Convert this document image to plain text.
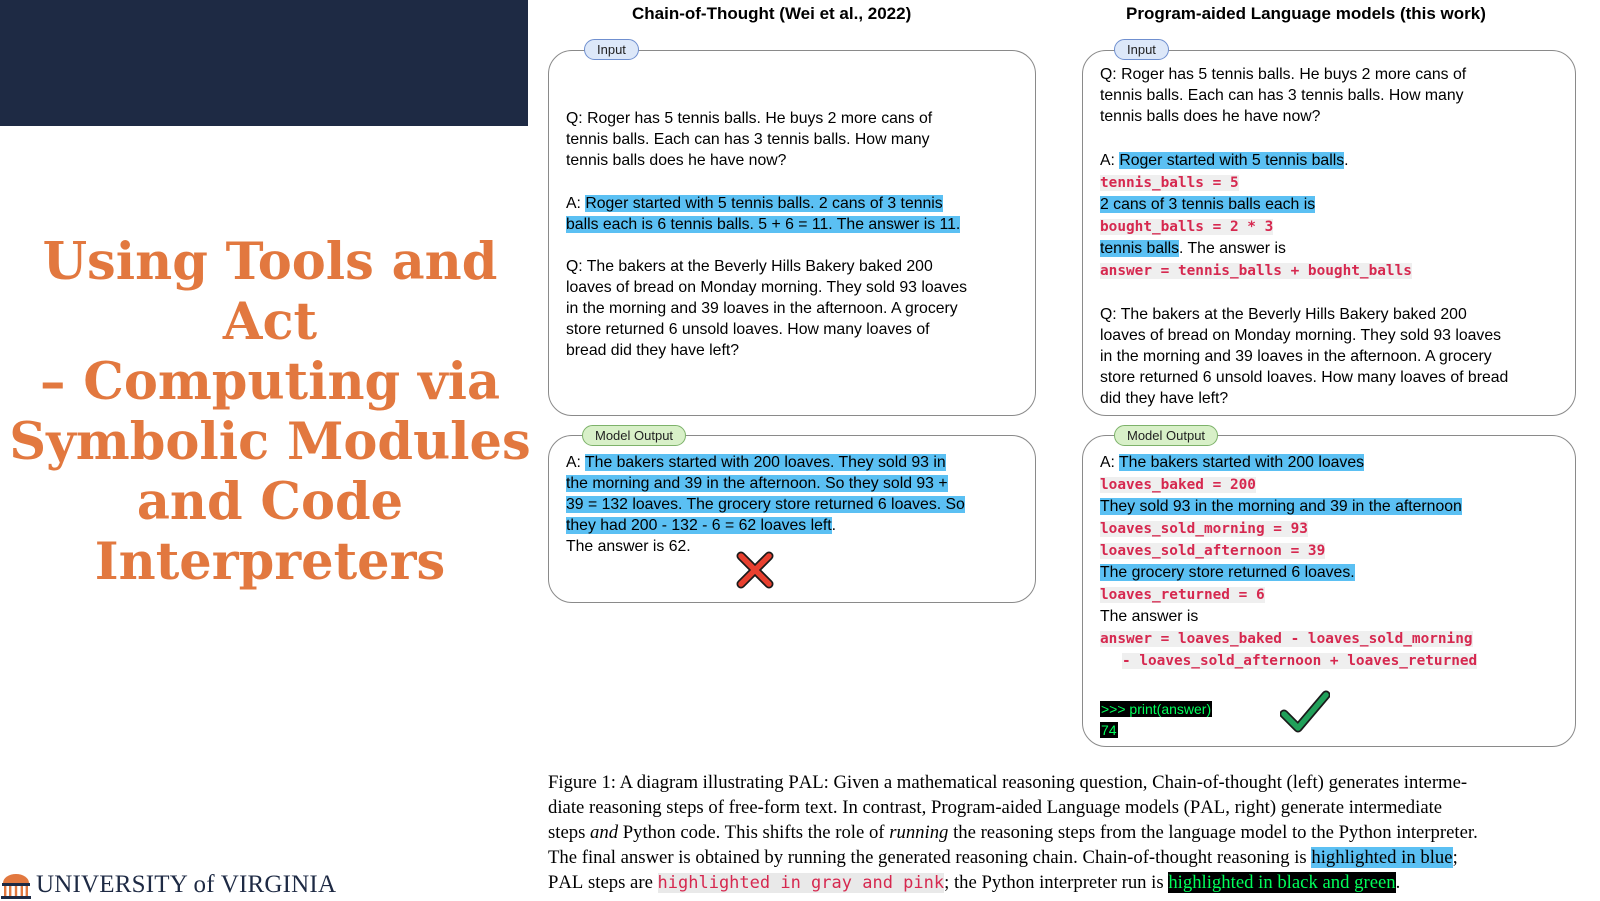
Using Tools and Act
– Computing via
Symbolic Modules
and Code
Interpreters
UNIVERSITY of VIRGINIA
Chain-of-Thought (Wei et al., 2022)	Program-aided Language models (this work)
Input
Q: Roger has 5 tennis balls. He buys 2 more cans of
tennis balls. Each can has 3 tennis balls. How many
tennis balls does he have now?
A: Roger started with 5 tennis balls. 2 cans of 3 tennis
balls each is 6 tennis balls. 5 + 6 = 11. The answer is 11.
Q: The bakers at the Beverly Hills Bakery baked 200
loaves of bread on Monday morning. They sold 93 loaves
in the morning and 39 loaves in the afternoon. A grocery
store returned 6 unsold loaves. How many loaves of
bread did they have left?
Model Output
A: The bakers started with 200 loaves. They sold 93 in
the morning and 39 in the afternoon. So they sold 93 +
39 = 132 loaves. The grocery store returned 6 loaves. So
they had 200 - 132 - 6 = 62 loaves left.
The answer is 62.
Input
Q: Roger has 5 tennis balls. He buys 2 more cans of
tennis balls. Each can has 3 tennis balls. How many
tennis balls does he have now?
A: Roger started with 5 tennis balls.
tennis_balls = 5
2 cans of 3 tennis balls each is
bought_balls = 2 * 3
tennis balls. The answer is
answer = tennis_balls + bought_balls
Q: The bakers at the Beverly Hills Bakery baked 200
loaves of bread on Monday morning. They sold 93 loaves
in the morning and 39 loaves in the afternoon. A grocery
store returned 6 unsold loaves. How many loaves of bread
did they have left?
Model Output
A: The bakers started with 200 loaves
loaves_baked = 200
They sold 93 in the morning and 39 in the afternoon
loaves_sold_morning = 93
loaves_sold_afternoon = 39
The grocery store returned 6 loaves.
loaves_returned = 6
The answer is
answer = loaves_baked - loaves_sold_morning
- loaves_sold_afternoon + loaves_returned
>>> print(answer)
74
Figure 1: A diagram illustrating PAL: Given a mathematical reasoning question, Chain-of-thought (left) generates interme-
diate reasoning steps of free-form text. In contrast, Program-aided Language models (PAL, right) generate intermediate
steps and Python code. This shifts the role of running the reasoning steps from the language model to the Python interpreter.
The final answer is obtained by running the generated reasoning chain. Chain-of-thought reasoning is highlighted in blue;
PAL steps are highlighted in gray and pink; the Python interpreter run is highlighted in black and green.
